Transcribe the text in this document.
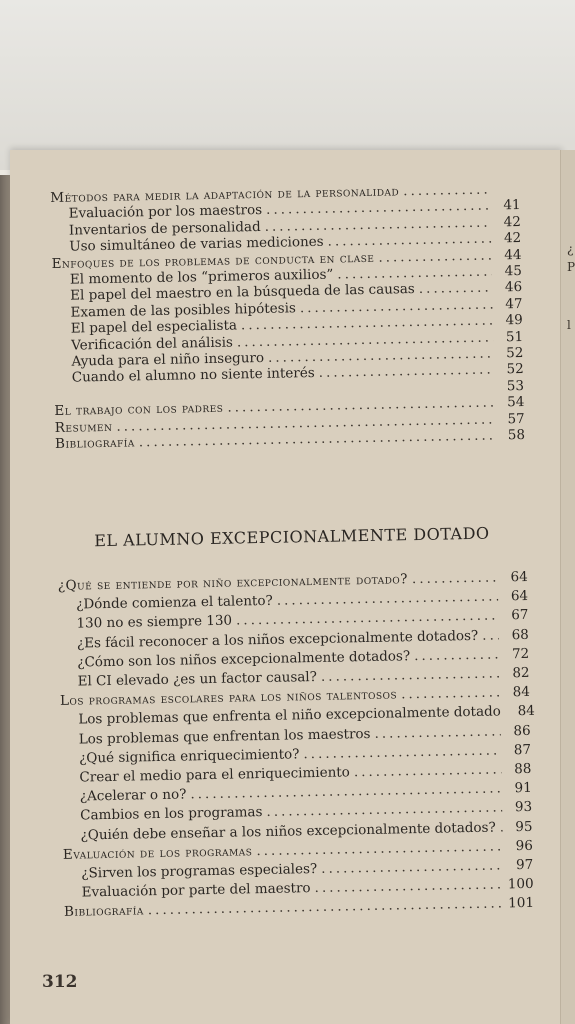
¿
P
l
Métodos para medir la adaptación de la personalidad
.....
Evaluación por los maestros .....	41
Inventarios de personalidad .....	42
Uso simultáneo de varias mediciones .....	42
Enfoques de los problemas de conducta en clase .....	44
El momento de los “primeros auxilios” .....	45
El papel del maestro en la búsqueda de las causas .....	46
Examen de las posibles hipótesis .....	47
El papel del especialista .....	49
Verificación del análisis .....	51
Ayuda para el niño inseguro .....	52
Cuando el alumno no siente interés .....	52
53
El trabajo con los padres .....	54
Resumen .....	57
Bibliografía .....	58
EL ALUMNO EXCEPCIONALMENTE DOTADO
¿Qué se entiende por niño excepcionalmente dotado? .....	64
¿Dónde comienza el talento? .....	64
130 no es siempre 130 .....	67
¿Es fácil reconocer a los niños excepcionalmente dotados? .....	68
¿Cómo son los niños excepcionalmente dotados? .....	72
El CI elevado ¿es un factor causal? .....	82
Los programas escolares para los niños talentosos .....	84
Los problemas que enfrenta el niño excepcionalmente dotado .....	84
Los problemas que enfrentan los maestros .....	86
¿Qué significa enriquecimiento? .....	87
Crear el medio para el enriquecimiento .....	88
¿Acelerar o no? .....	91
Cambios en los programas .....	93
¿Quién debe enseñar a los niños excepcionalmente dotados? .....	95
Evaluación de los programas .....	96
¿Sirven los programas especiales? .....	97
Evaluación por parte del maestro .....	100
Bibliografía .....	101
312
